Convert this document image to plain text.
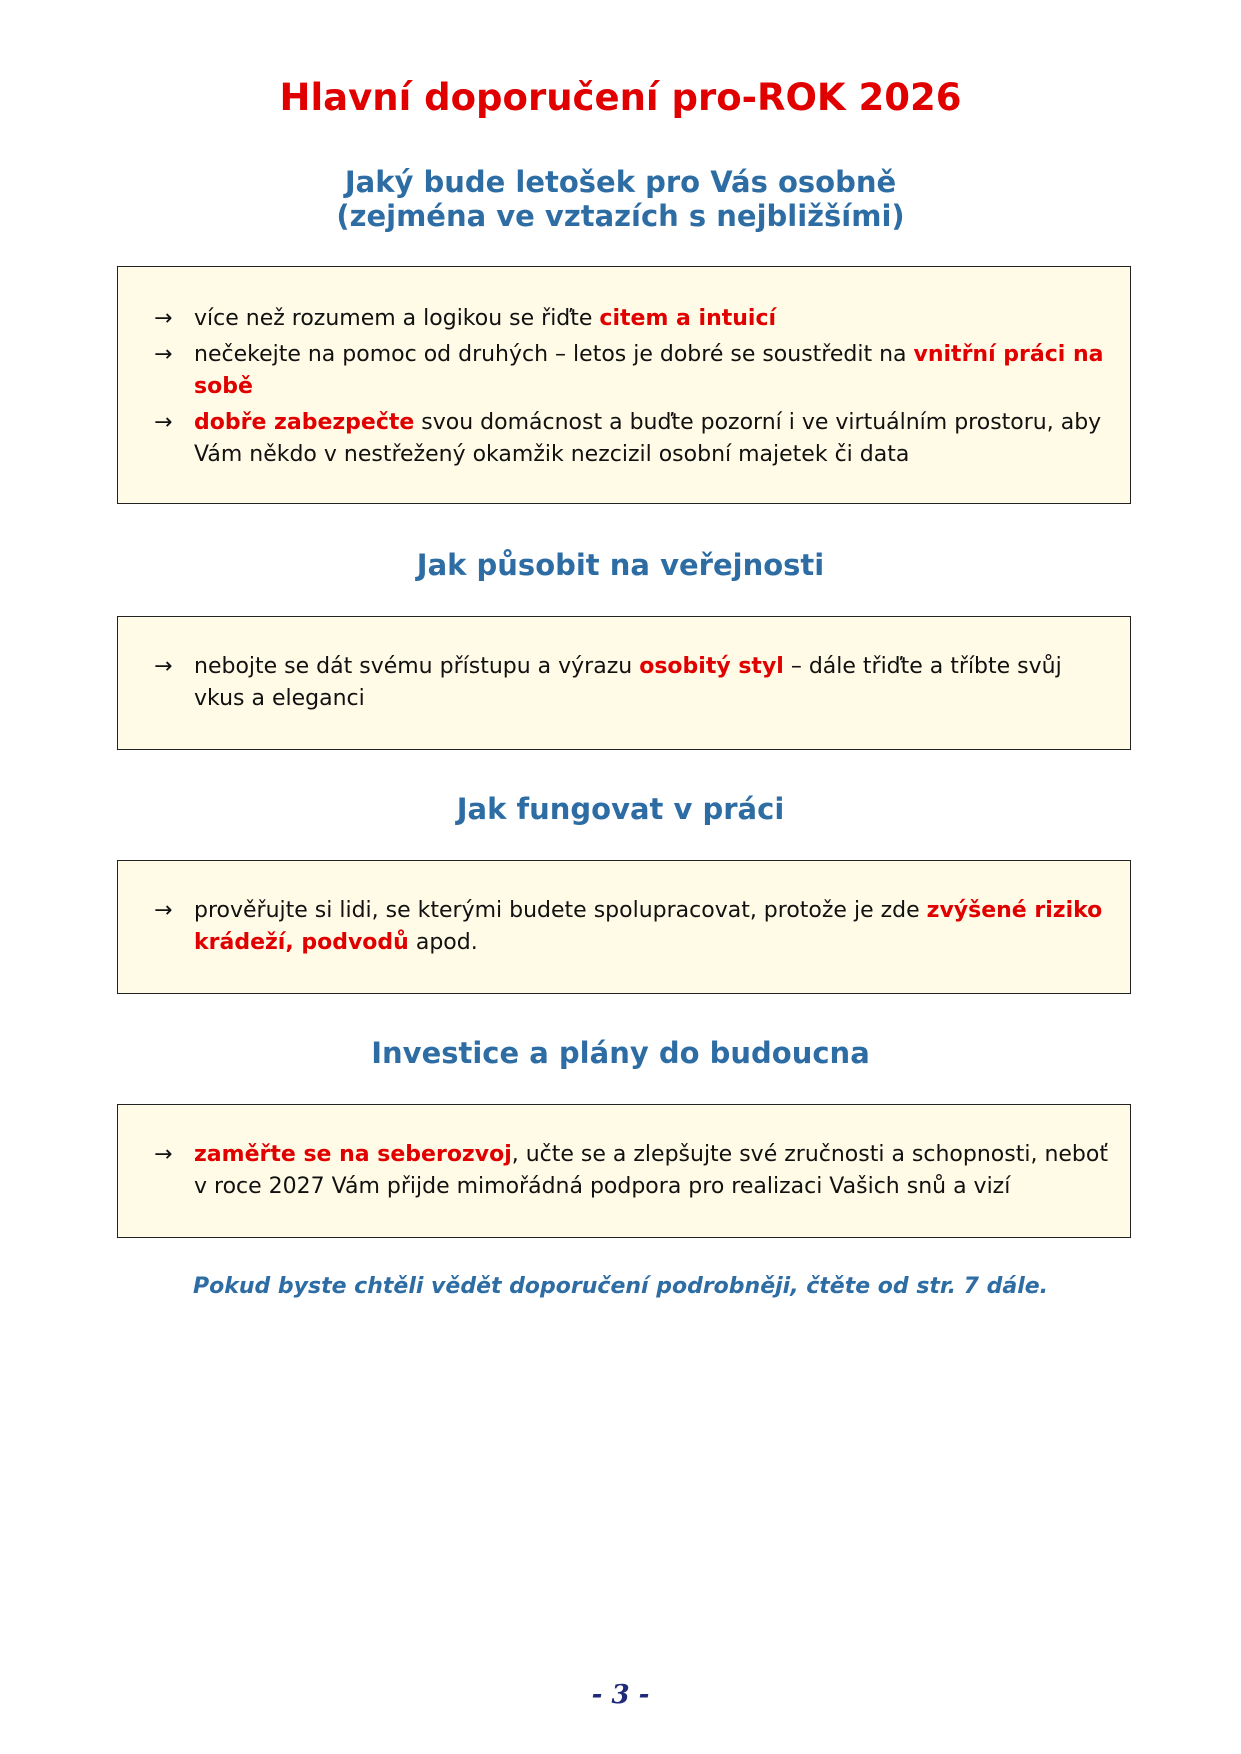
Hlavní doporučení pro-ROK 2026
Jaký bude letošek pro Vás osobně
(zejména ve vztazích s nejbližšími)
→ více než rozumem a logikou se řiďte citem a intuicí
→ nečekejte na pomoc od druhých – letos je dobré se soustředit na vnitřní práci na sobě
→ dobře zabezpečte svou domácnost a buďte pozorní i ve virtuálním prostoru, aby Vám někdo v nestřežený okamžik nezcizil osobní majetek či data
Jak působit na veřejnosti
→ nebojte se dát svému přístupu a výrazu osobitý styl – dále třiďte a tříbte svůj vkus a eleganci
Jak fungovat v práci
→ prověřujte si lidi, se kterými budete spolupracovat, protože je zde zvýšené riziko krádeží, podvodů apod.
Investice a plány do budoucna
→ zaměřte se na seberozvoj, učte se a zlepšujte své zručnosti a schopnosti, neboť v roce 2027 Vám přijde mimořádná podpora pro realizaci Vašich snů a vizí

Pokud byste chtěli vědět doporučení podrobněji, čtěte od str. 7 dále.

- 3 -
